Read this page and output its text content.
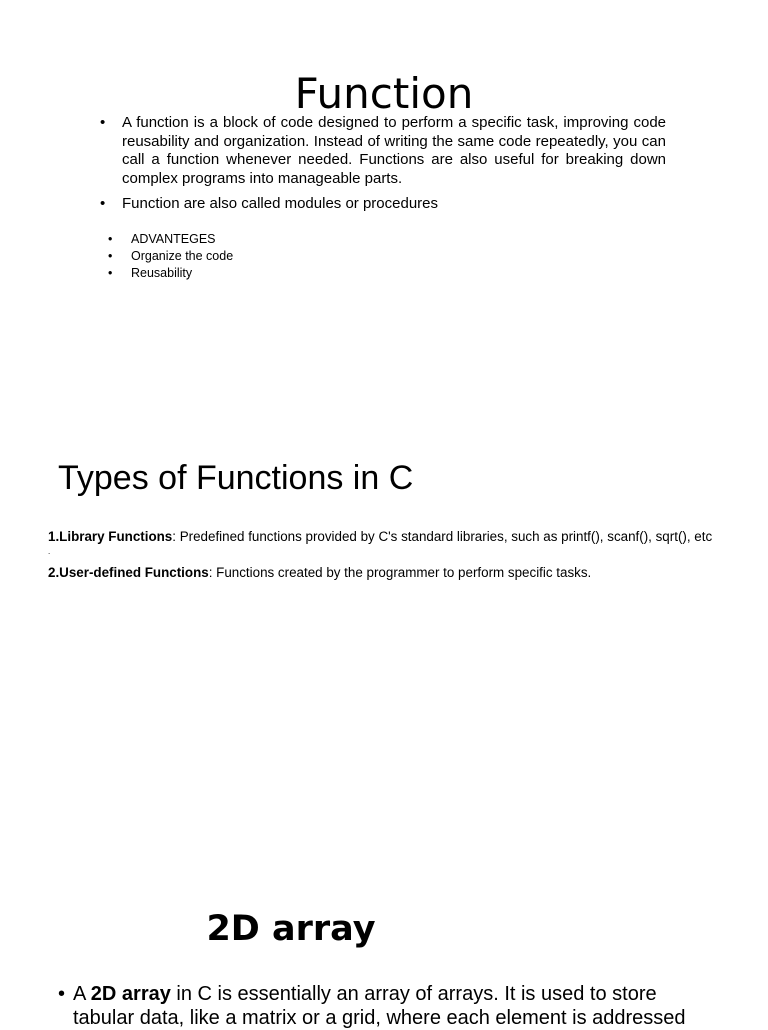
Function
• A function is a block of code designed to perform a specific task, improving code reusability and organization. Instead of writing the same code repeatedly, you can call a function whenever needed. Functions are also useful for breaking down complex programs into manageable parts.
• Function are also called modules or procedures
• ADVANTEGES
• Organize the code
• Reusability
Types of Functions in C
1.Library Functions: Predefined functions provided by C's standard libraries, such as printf(), scanf(), sqrt(), etc
.
2.User-defined Functions: Functions created by the programmer to perform specific tasks.
2D array
• A 2D array in C is essentially an array of arrays. It is used to store tabular data, like a matrix or a grid, where each element is addressed
